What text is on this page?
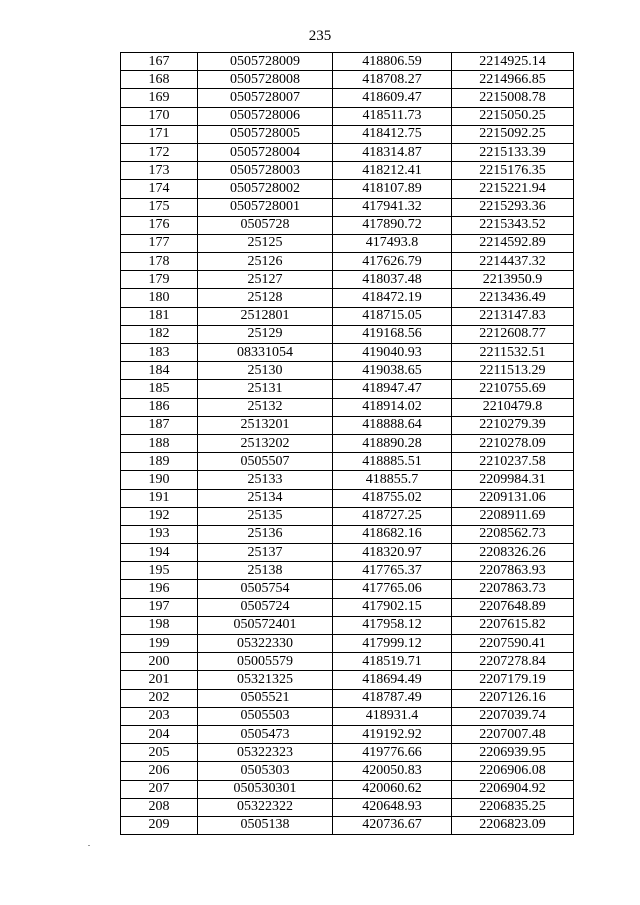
235
167	0505728009	418806.59	2214925.14
168	0505728008	418708.27	2214966.85
169	0505728007	418609.47	2215008.78
170	0505728006	418511.73	2215050.25
171	0505728005	418412.75	2215092.25
172	0505728004	418314.87	2215133.39
173	0505728003	418212.41	2215176.35
174	0505728002	418107.89	2215221.94
175	0505728001	417941.32	2215293.36
176	0505728	417890.72	2215343.52
177	25125	417493.8	2214592.89
178	25126	417626.79	2214437.32
179	25127	418037.48	2213950.9
180	25128	418472.19	2213436.49
181	2512801	418715.05	2213147.83
182	25129	419168.56	2212608.77
183	08331054	419040.93	2211532.51
184	25130	419038.65	2211513.29
185	25131	418947.47	2210755.69
186	25132	418914.02	2210479.8
187	2513201	418888.64	2210279.39
188	2513202	418890.28	2210278.09
189	0505507	418885.51	2210237.58
190	25133	418855.7	2209984.31
191	25134	418755.02	2209131.06
192	25135	418727.25	2208911.69
193	25136	418682.16	2208562.73
194	25137	418320.97	2208326.26
195	25138	417765.37	2207863.93
196	0505754	417765.06	2207863.73
197	0505724	417902.15	2207648.89
198	050572401	417958.12	2207615.82
199	05322330	417999.12	2207590.41
200	05005579	418519.71	2207278.84
201	05321325	418694.49	2207179.19
202	0505521	418787.49	2207126.16
203	0505503	418931.4	2207039.74
204	0505473	419192.92	2207007.48
205	05322323	419776.66	2206939.95
206	0505303	420050.83	2206906.08
207	050530301	420060.62	2206904.92
208	05322322	420648.93	2206835.25
209	0505138	420736.67	2206823.09
